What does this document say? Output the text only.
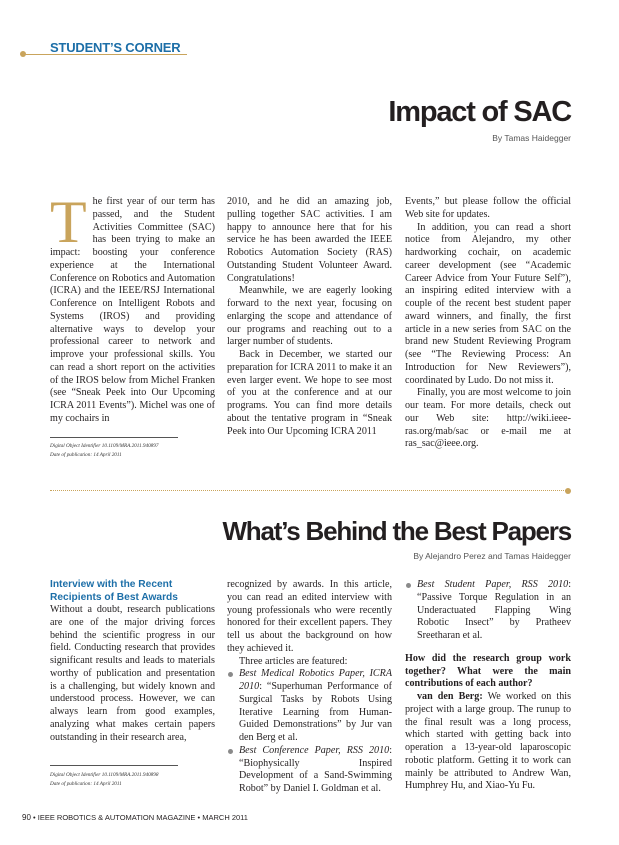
STUDENT’S CORNER
Impact of SAC
By Tamas Haidegger

The first year of our term has passed, and the Student Activities Committee (SAC) has been trying to make an impact: boosting your conference experience at the International Conference on Robotics and Automation (ICRA) and the IEEE/RSJ International Conference on Intelligent Robots and Systems (IROS) and providing alternative ways to develop your professional career to network and improve your professional skills. You can read a short report on the activities of the IROS below from Michel Franken (see “Sneak Peek into Our Upcoming ICRA 2011 Events”). Michel was one of my cochairs in

Digital Object Identifier 10.1109/MRA.2011.940897
Date of publication: 14 April 2011

2010, and he did an amazing job, pulling together SAC activities. I am happy to announce here that for his service he has been awarded the IEEE Robotics Automation Society (RAS) Outstanding Student Volunteer Award. Congratulations!

Meanwhile, we are eagerly looking forward to the next year, focusing on enlarging the scope and attendance of our programs and reaching out to a larger number of students.

Back in December, we started our preparation for ICRA 2011 to make it an even larger event. We hope to see most of you at the conference and at our programs. You can find more details about the tentative program in “Sneak Peek into Our Upcoming ICRA 2011

Events,” but please follow the official Web site for updates.

In addition, you can read a short notice from Alejandro, my other hardworking cochair, on academic career development (see “Academic Career Advice from Your Future Self”), an inspiring edited interview with a couple of the recent best student paper award winners, and finally, the first article in a new series from SAC on the brand new Student Reviewing Program (see “The Reviewing Process: An Introduction for New Reviewers”), coordinated by Ludo. Do not miss it.

Finally, you are most welcome to join our team. For more details, check out our Web site: http://wiki.ieee-ras.org/mab/sac or e-mail me at ras_sac@ieee.org.

What’s Behind the Best Papers
By Alejandro Perez and Tamas Haidegger
Interview with the Recent Recipients of Best Awards

Without a doubt, research publications are one of the major driving forces behind the scientific progress in our field. Conducting research that provides significant results and leads to materials worthy of publication and presentation is a challenging, but widely known and understood process. However, we can always learn from good examples, analyzing what makes certain papers outstanding in their research area,

Digital Object Identifier 10.1109/MRA.2011.940898
Date of publication: 14 April 2011

recognized by awards. In this article, you can read an edited interview with young professionals who were recently honored for their excellent papers. They tell us about the background on how they achieved it.

Three articles are featured:

Best Medical Robotics Paper, ICRA 2010: “Superhuman Performance of Surgical Tasks by Robots Using Iterative Learning from Human-Guided Demonstrations” by Jur van den Berg et al.
Best Conference Paper, RSS 2010: “Biophysically Inspired Development of a Sand-Swimming Robot” by Daniel I. Goldman et al.
Best Student Paper, RSS 2010: “Passive Torque Regulation in an Underactuated Flapping Wing Robotic Insect” by Pratheev Sreetharan et al.

How did the research group work together? What were the main contributions of each author?

van den Berg: We worked on this project with a large group. The runup to the final result was a long process, which started with getting back into operation a 13-year-old laparoscopic robotic platform. Getting it to work can mainly be attributed to Andrew Wan, Humphrey Hu, and Xiao-Yu Fu.

90 • IEEE ROBOTICS & AUTOMATION MAGAZINE • MARCH 2011
